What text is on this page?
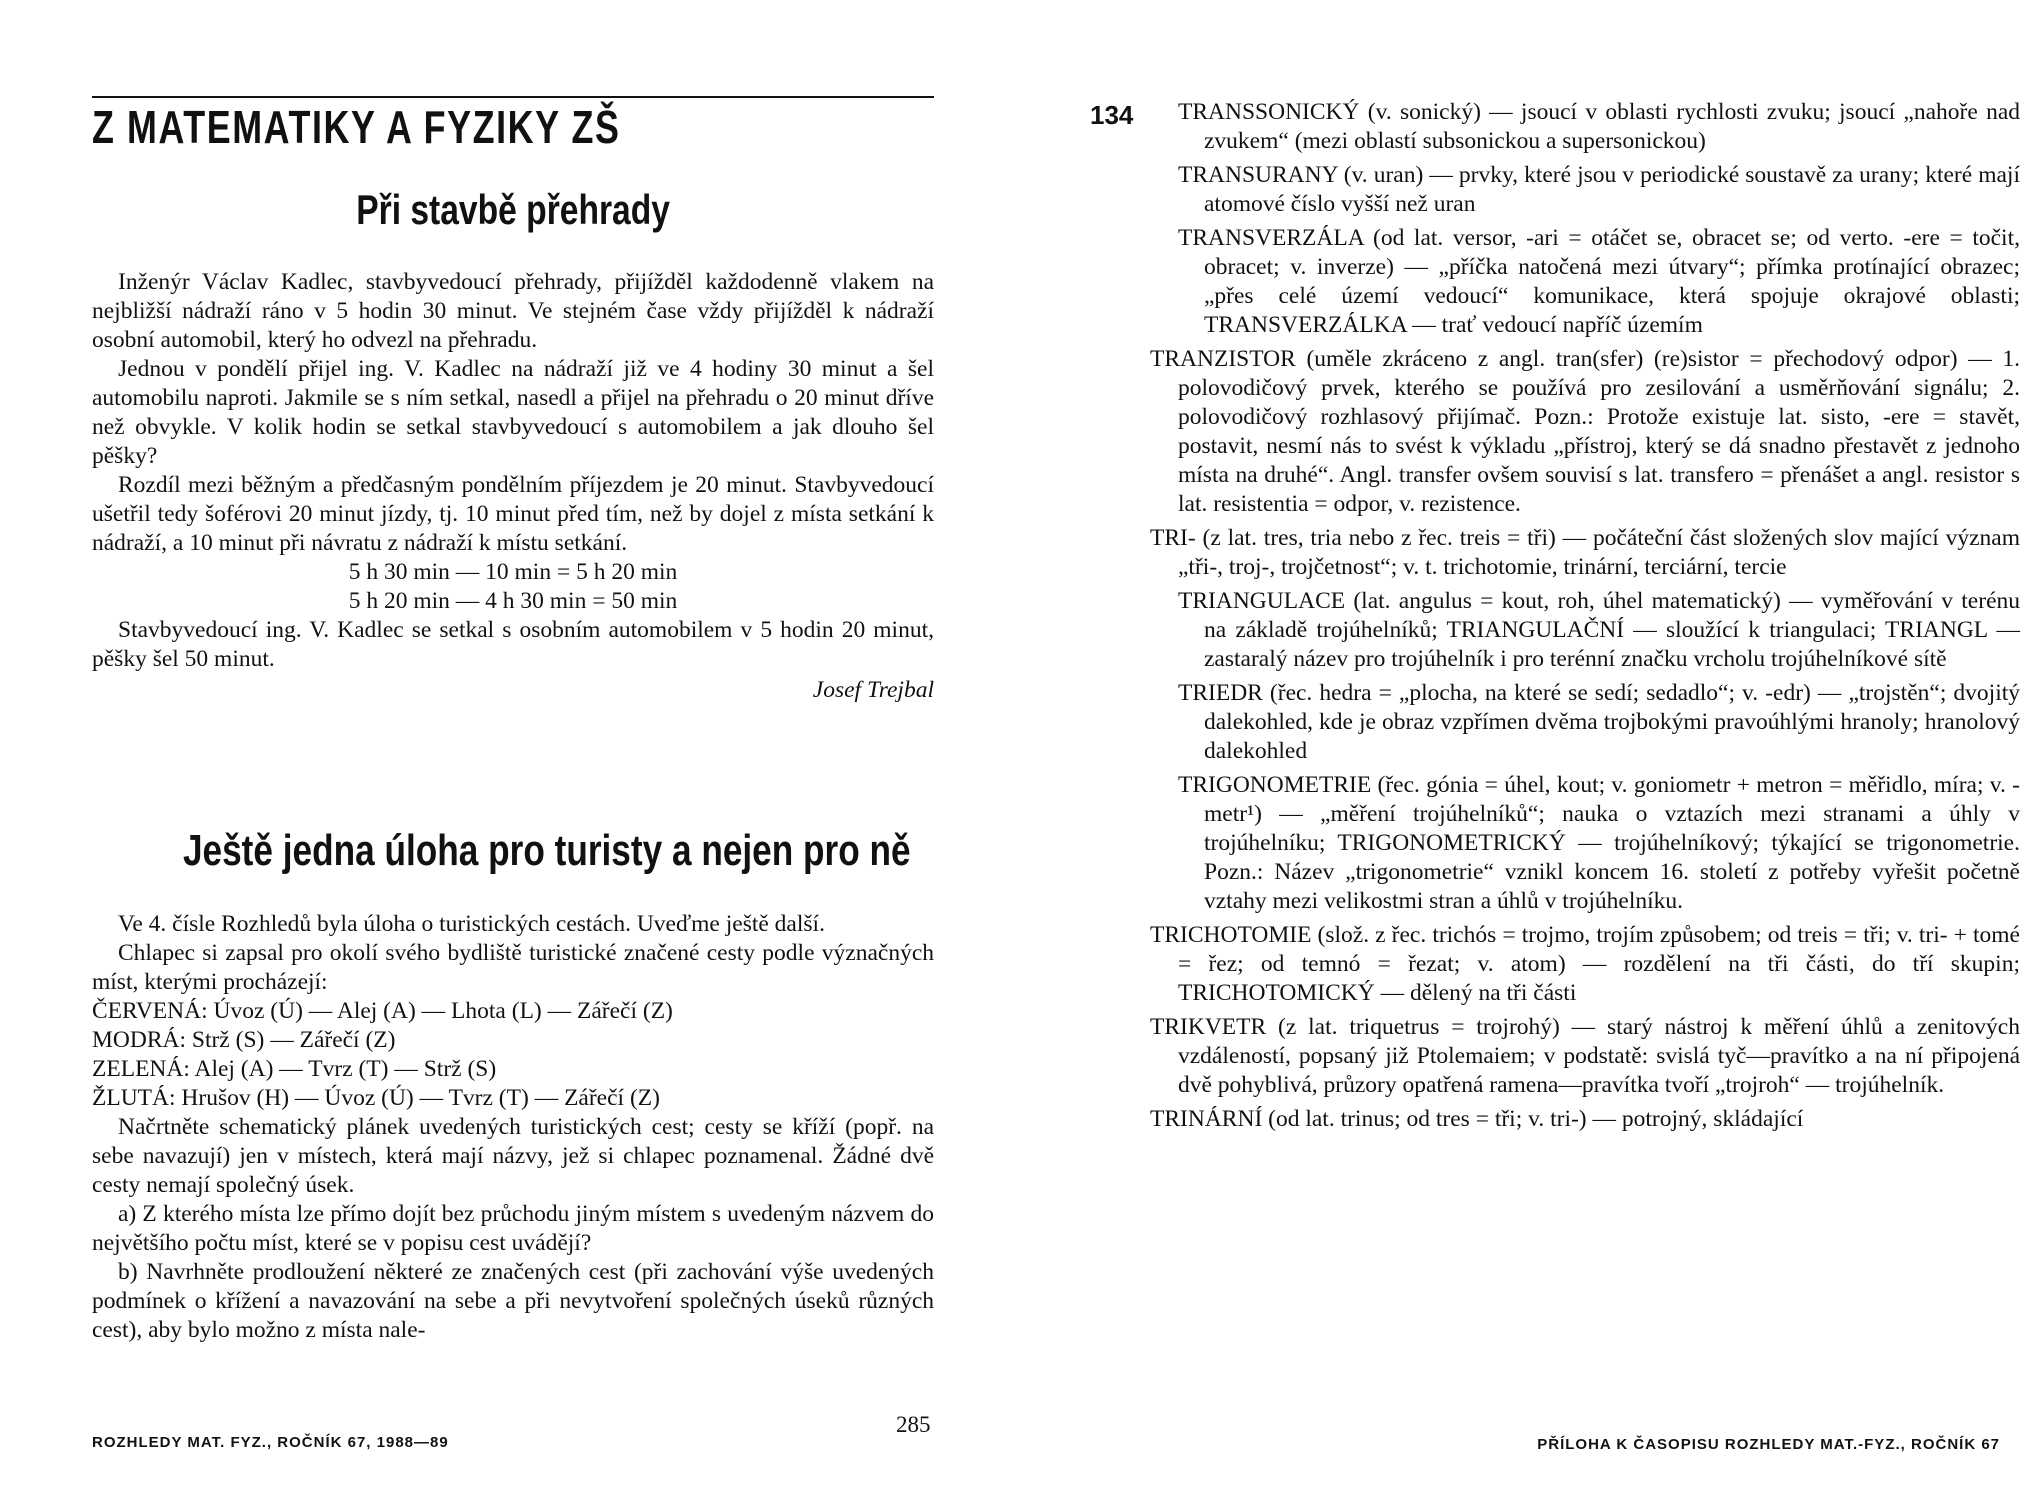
Z MATEMATIKY A FYZIKY ZŠ
Při stavbě přehrady

Inženýr Václav Kadlec, stavbyvedoucí přehrady, přijížděl každodenně vlakem na nejbližší nádraží ráno v 5 hodin 30 minut. Ve stejném čase vždy přijížděl k nádraží osobní automobil, který ho odvezl na přehradu.

Jednou v pondělí přijel ing. V. Kadlec na nádraží již ve 4 hodiny 30 minut a šel automobilu naproti. Jakmile se s ním setkal, nasedl a přijel na přehradu o 20 minut dříve než obvykle. V kolik hodin se setkal stavbyvedoucí s automobilem a jak dlouho šel pěšky?

Rozdíl mezi běžným a předčasným pondělním příjezdem je 20 minut. Stavbyvedoucí ušetřil tedy šoférovi 20 minut jízdy, tj. 10 minut před tím, než by dojel z místa setkání k nádraží, a 10 minut při návratu z nádraží k místu setkání.

5 h 30 min — 10 min = 5 h 20 min

5 h 20 min — 4 h 30 min = 50 min

Stavbyvedoucí ing. V. Kadlec se setkal s osobním automobilem v 5 hodin 20 minut, pěšky šel 50 minut.

Josef Trejbal

Ještě jedna úloha pro turisty a nejen pro ně

Ve 4. čísle Rozhledů byla úloha o turistických cestách. Uveďme ještě další.

Chlapec si zapsal pro okolí svého bydliště turistické značené cesty podle význačných míst, kterými procházejí:

ČERVENÁ: Úvoz (Ú) — Alej (A) — Lhota (L) — Zářečí (Z)

MODRÁ: Strž (S) — Zářečí (Z)

ZELENÁ: Alej (A) — Tvrz (T) — Strž (S)

ŽLUTÁ: Hrušov (H) — Úvoz (Ú) — Tvrz (T) — Zářečí (Z)

Načrtněte schematický plánek uvedených turistických cest; cesty se kříží (popř. na sebe navazují) jen v místech, která mají názvy, jež si chlapec poznamenal. Žádné dvě cesty nemají společný úsek.

a) Z kterého místa lze přímo dojít bez průchodu jiným místem s uvedeným názvem do největšího počtu míst, které se v popisu cest uvádějí?

b) Navrhněte prodloužení některé ze značených cest (při zachování výše uvedených podmínek o křížení a navazování na sebe a při nevytvoření společných úseků různých cest), aby bylo možno z místa nale-

ROZHLEDY MAT. FYZ., ROČNÍK 67, 1988—89
285
134	TRANSSONICKÝ (v. sonický) — jsoucí v oblasti rychlosti zvuku; jsoucí „nahoře nad zvukem“ (mezi oblastí subsonickou a supersonickou)

TRANSURANY (v. uran) — prvky, které jsou v periodické soustavě za urany; které mají atomové číslo vyšší než uran

TRANSVERZÁLA (od lat. versor, -ari = otáčet se, obracet se; od verto. -ere = točit, obracet; v. inverze) — „příčka natočená mezi útvary“; přímka protínající obrazec; „přes celé území vedoucí“ komunikace, která spojuje okrajové oblasti; TRANSVERZÁLKA — trať vedoucí napříč územím

TRANZISTOR (uměle zkráceno z angl. tran(sfer) (re)sistor = přechodový odpor) — 1. polovodičový prvek, kterého se používá pro zesilování a usměrňování signálu; 2. polovodičový rozhlasový přijímač. Pozn.: Protože existuje lat. sisto, -ere = stavět, postavit, nesmí nás to svést k výkladu „přístroj, který se dá snadno přestavět z jednoho místa na druhé“. Angl. transfer ovšem souvisí s lat. transfero = přenášet a angl. resistor s lat. resistentia = odpor, v. rezistence.

TRI- (z lat. tres, tria nebo z řec. treis = tři) — počáteční část složených slov mající význam „tři-, troj-, trojčetnost“; v. t. trichotomie, trinární, terciární, tercie

TRIANGULACE (lat. angulus = kout, roh, úhel matematický) — vyměřování v terénu na základě trojúhelníků; TRIANGULAČNÍ — sloužící k triangulaci; TRIANGL — zastaralý název pro trojúhelník i pro terénní značku vrcholu trojúhelníkové sítě

TRIEDR (řec. hedra = „plocha, na které se sedí; sedadlo“; v. -edr) — „trojstěn“; dvojitý dalekohled, kde je obraz vzpřímen dvěma trojbokými pravoúhlými hranoly; hranolový dalekohled

TRIGONOMETRIE (řec. gónia = úhel, kout; v. goniometr + metron = měřidlo, míra; v. -metr¹) — „měření trojúhelníků“; nauka o vztazích mezi stranami a úhly v trojúhelníku; TRIGONOMETRICKÝ — trojúhelníkový; týkající se trigonometrie. Pozn.: Název „trigonometrie“ vznikl koncem 16. století z potřeby vyřešit početně vztahy mezi velikostmi stran a úhlů v trojúhelníku.

TRICHOTOMIE (slož. z řec. trichós = trojmo, trojím způsobem; od treis = tři; v. tri- + tomé = řez; od temnó = řezat; v. atom) — rozdělení na tři části, do tří skupin; TRICHOTOMICKÝ — dělený na tři části

TRIKVETR (z lat. triquetrus = trojrohý) — starý nástroj k měření úhlů a zenitových vzdáleností, popsaný již Ptolemaiem; v podstatě: svislá tyč—pravítko a na ní připojená dvě pohyblivá, průzory opatřená ramena—pravítka tvoří „trojroh“ — trojúhelník.

TRINÁRNÍ (od lat. trinus; od tres = tři; v. tri-) — potrojný, skládající

PŘÍLOHA K ČASOPISU ROZHLEDY MAT.-FYZ., ROČNÍK 67
